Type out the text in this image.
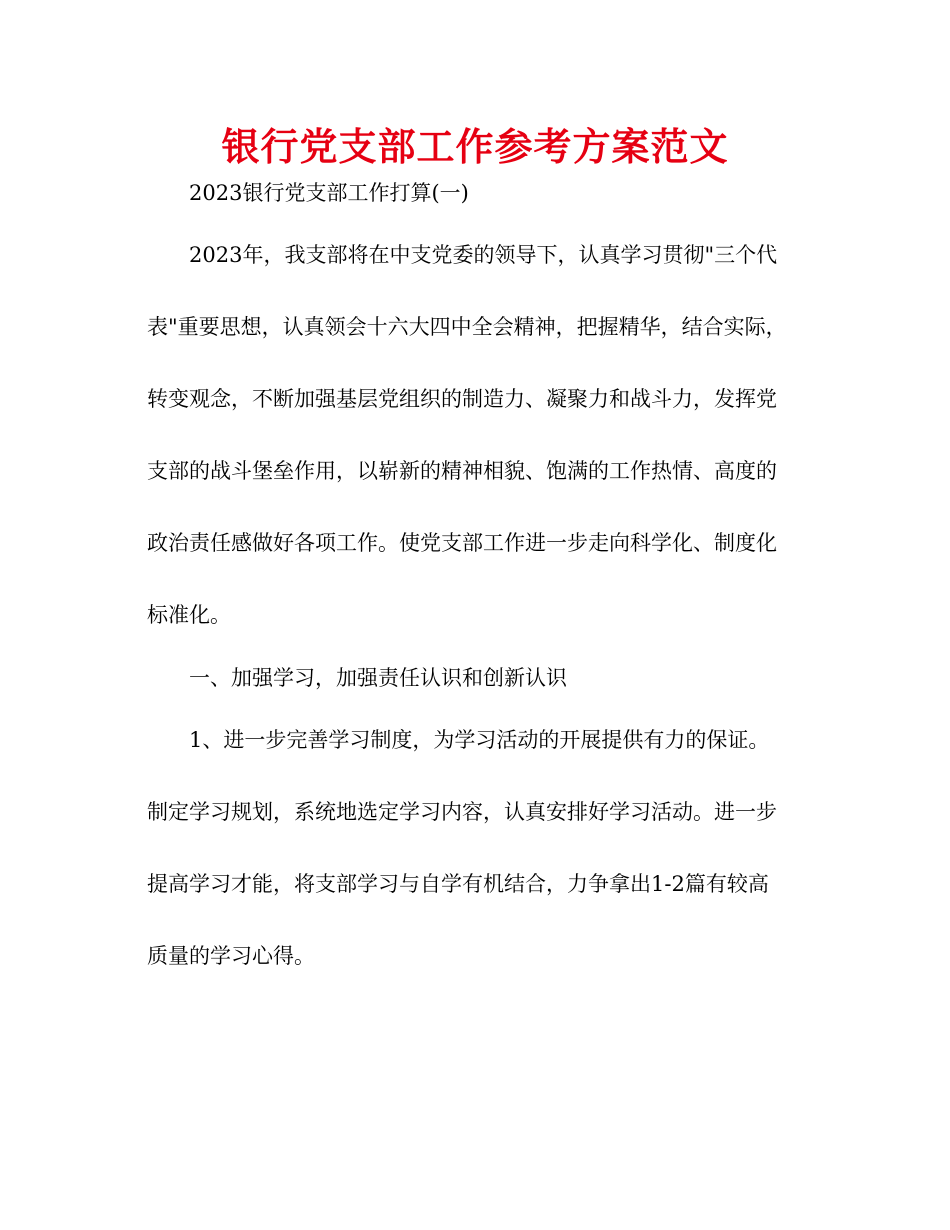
银行党支部工作参考方案范文

2023银行党支部工作打算(一)

2023年，我支部将在中支党委的领导下，认真学习贯彻"三个代

表"重要思想，认真领会十六大四中全会精神，把握精华，结合实际，

转变观念，不断加强基层党组织的制造力、凝聚力和战斗力，发挥党

支部的战斗堡垒作用，以崭新的精神相貌、饱满的工作热情、高度的

政治责任感做好各项工作。使党支部工作进一步走向科学化、制度化

标准化。

一、加强学习，加强责任认识和创新认识

1、进一步完善学习制度，为学习活动的开展提供有力的保证。

制定学习规划，系统地选定学习内容，认真安排好学习活动。进一步

提高学习才能，将支部学习与自学有机结合，力争拿出1-2篇有较高

质量的学习心得。
